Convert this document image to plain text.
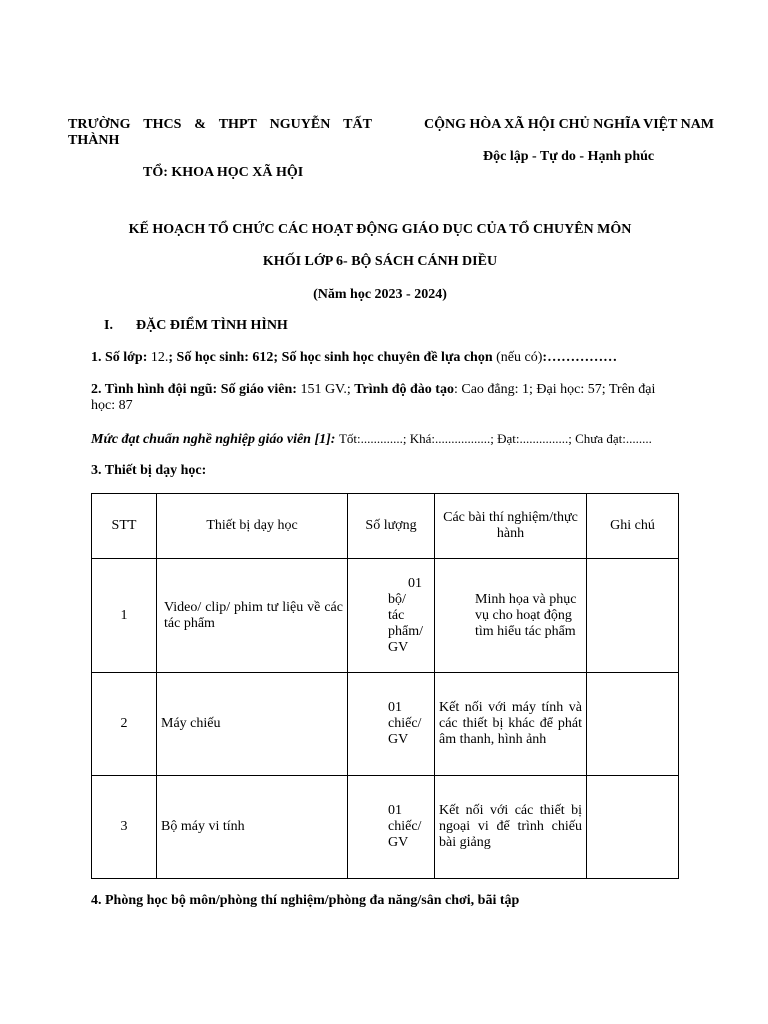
TRƯỜNG THCS & THPT NGUYỄN TẤT
THÀNH
TỔ: KHOA HỌC XÃ HỘI
CỘNG HÒA XÃ HỘI CHỦ NGHĨA VIỆT NAM
Độc lập - Tự do - Hạnh phúc
KẾ HOẠCH TỔ CHỨC CÁC HOẠT ĐỘNG GIÁO DỤC CỦA TỔ CHUYÊN MÔN
KHỐI LỚP 6- BỘ SÁCH CÁNH DIỀU
(Năm học 2023 - 2024)
I. ĐẶC ĐIỂM TÌNH HÌNH
1. Số lớp: 12.; Số học sinh: 612; Số học sinh học chuyên đề lựa chọn (nếu có):……………
2. Tình hình đội ngũ: Số giáo viên: 151 GV.; Trình độ đào tạo: Cao đẳng: 1; Đại học: 57; Trên đại
học: 87
Mức đạt chuẩn nghề nghiệp giáo viên [1]: Tốt:.............; Khá:.................; Đạt:...............; Chưa đạt:........
3. Thiết bị dạy học:
STT	Thiết bị dạy học	Số lượng	Các bài thí nghiệm/thực hành	Ghi chú
1	Video/ clip/ phim tư liệu về các tác phẩm	01
bộ/
tác
phẩm/
GV	Minh họa và phục vụ cho hoạt động tìm hiểu tác phẩm	
2	Máy chiếu	01
chiếc/
GV	Kết nối với máy tính và các thiết bị khác để phát âm thanh, hình ảnh	
3	Bộ máy vi tính	01
chiếc/
GV	Kết nối với các thiết bị ngoại vi để trình chiếu bài giảng	
4. Phòng học bộ môn/phòng thí nghiệm/phòng đa năng/sân chơi, bãi tập
